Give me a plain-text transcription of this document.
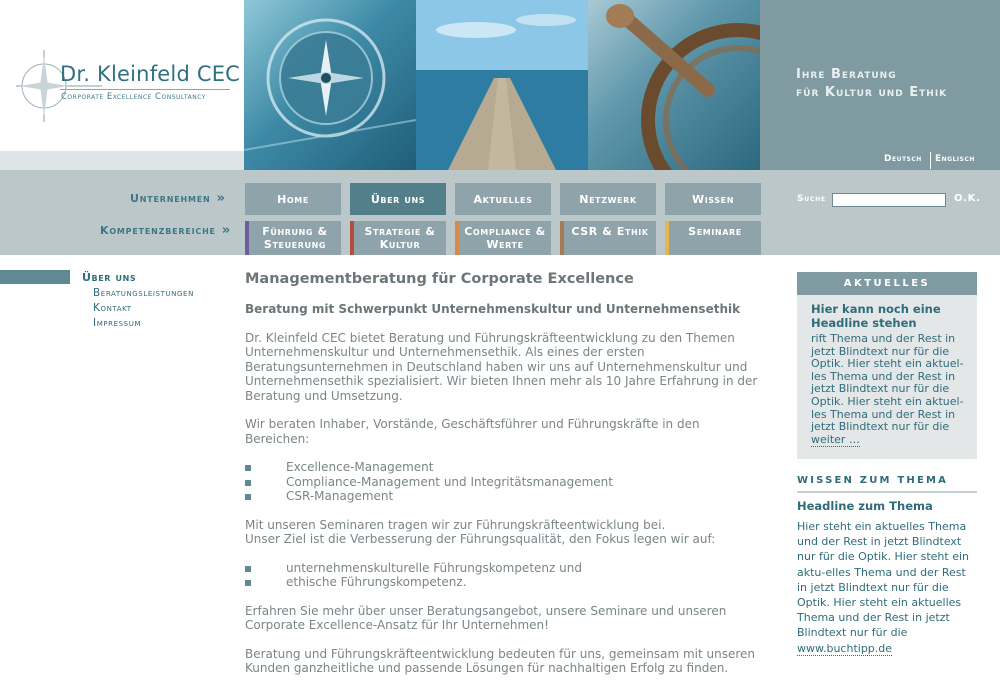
Dr. Kleinfeld CEC
Corporate Excellence Consultancy
Ihre Beratung
für Kultur und Ethik
Deutsch Englisch
Unternehmen »
Kompetenzbereiche »
Home	Über uns	Aktuelles	Netzwerk	Wissen
Führung &
Steuerung
Strategie &
Kultur
Compliance &
Werte
CSR & Ethik	Seminare
Suche	O.K.
Über uns
Beratungsleistungen
Kontakt
Impressum
Managementberatung für Corporate Excellence
Beratung mit Schwerpunkt Unternehmenskultur und Unternehmensethik

Dr. Kleinfeld CEC bietet Beratung und Führungskräfteentwicklung zu den Themen Unternehmenskultur und Unternehmensethik. Als eines der ersten Beratungsunternehmen in Deutschland haben wir uns auf Unternehmenskultur und Unternehmensethik spezialisiert. Wir bieten Ihnen mehr als 10 Jahre Erfahrung in der Beratung und Umsetzung.

Wir beraten Inhaber, Vorstände, Geschäftsführer und Führungskräfte in den Bereichen:

Excellence-Management
Compliance-Management und Integritätsmanagement
CSR-Management

Mit unseren Seminaren tragen wir zur Führungskräfteentwicklung bei.
Unser Ziel ist die Verbesserung der Führungsqualität, den Fokus legen wir auf:

unternehmenskulturelle Führungskompetenz und
ethische Führungskompetenz.

Erfahren Sie mehr über unser Beratungsangebot, unsere Seminare und unseren Corporate Excellence-Ansatz für Ihr Unternehmen!

Beratung und Führungskräfteentwicklung bedeuten für uns, gemeinsam mit unseren Kunden ganzheitliche und passende Lösungen für nachhaltigen Erfolg zu finden.

AKTUELLES
Hier kann noch eine Headline stehen
rift Thema und der Rest in jetzt Blindtext nur für die Optik. Hier steht ein aktuel-les Thema und der Rest in jetzt Blindtext nur für die Optik. Hier steht ein aktuel-les Thema und der Rest in jetzt Blindtext nur für die
weiter …
WISSEN ZUM THEMA
Headline zum Thema
Hier steht ein aktuelles Thema und der Rest in jetzt Blindtext nur für die Optik. Hier steht ein aktu-elles Thema und der Rest in jetzt Blindtext nur für die Optik. Hier steht ein aktuelles Thema und der Rest in jetzt Blindtext nur für die
www.buchtipp.de
